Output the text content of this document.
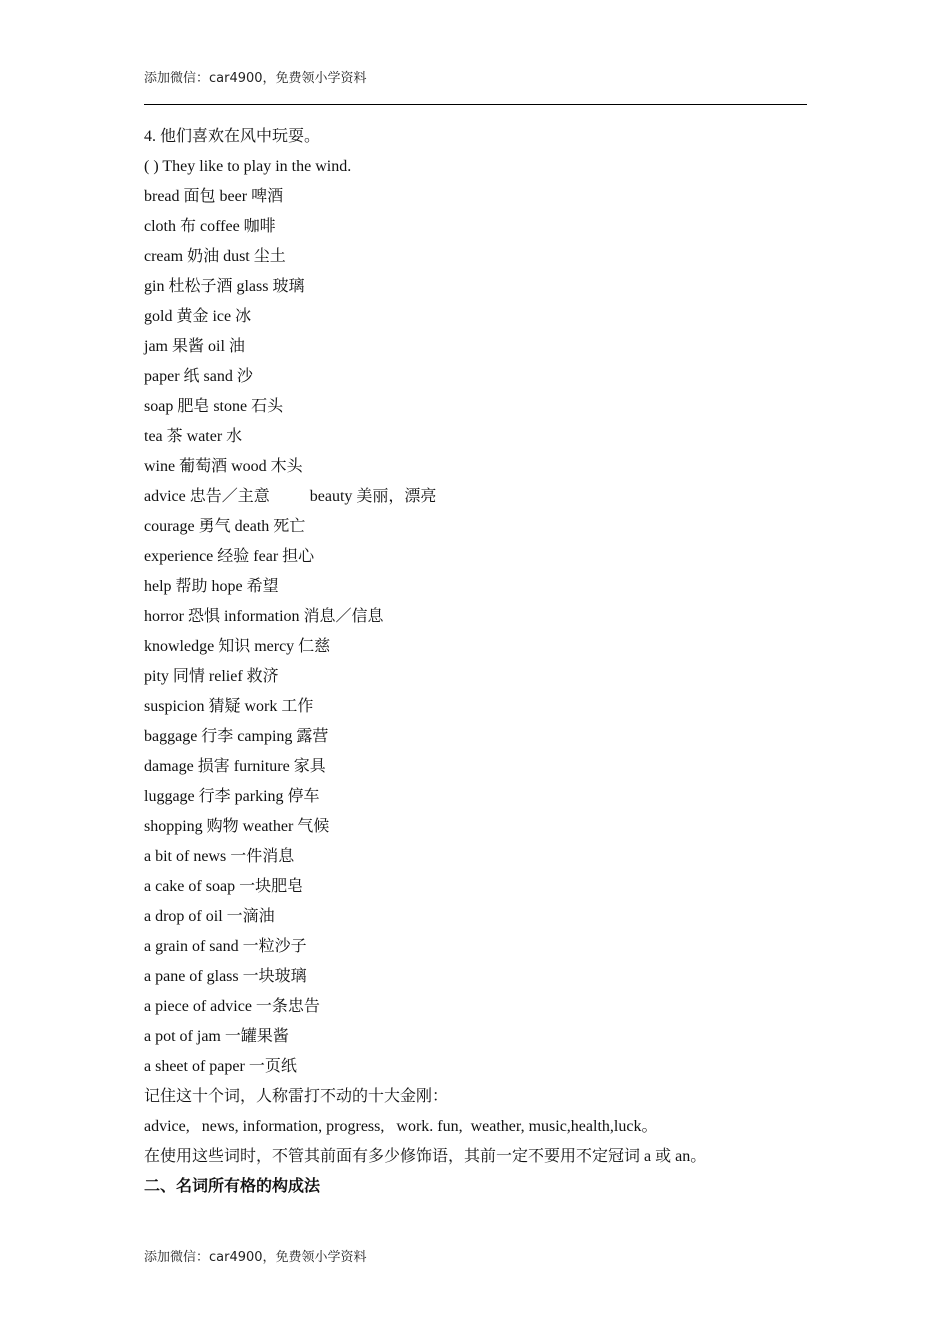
添加微信：car4900，免费领小学资料
4. 他们喜欢在风中玩耍。
( ) They like to play in the wind.
bread 面包 beer 啤酒
cloth 布 coffee 咖啡
cream 奶油 dust 尘土
gin 杜松子酒 glass 玻璃
gold 黄金 ice 冰
jam 果酱 oil 油
paper 纸 sand 沙
soap 肥皂 stone 石头
tea 茶 water 水
wine 葡萄酒 wood 木头
advice 忠告／主意          beauty 美丽，漂亮
courage 勇气 death 死亡
experience 经验 fear 担心
help 帮助 hope 希望
horror 恐惧 information 消息／信息
knowledge 知识 mercy 仁慈
pity 同情 relief 救济
suspicion 猜疑 work 工作
baggage 行李 camping 露营
damage 损害 furniture 家具
luggage 行李 parking 停车
shopping 购物 weather 气候
a bit of news 一件消息
a cake of soap 一块肥皂
a drop of oil 一滴油
a grain of sand 一粒沙子
a pane of glass 一块玻璃
a piece of advice 一条忠告
a pot of jam 一罐果酱
a sheet of paper 一页纸
记住这十个词，人称雷打不动的十大金刚：
advice,   news, information, progress,   work. fun,  weather, music,health,luck。
在使用这些词时，不管其前面有多少修饰语，其前一定不要用不定冠词 a 或 an。
二、名词所有格的构成法
添加微信：car4900，免费领小学资料
